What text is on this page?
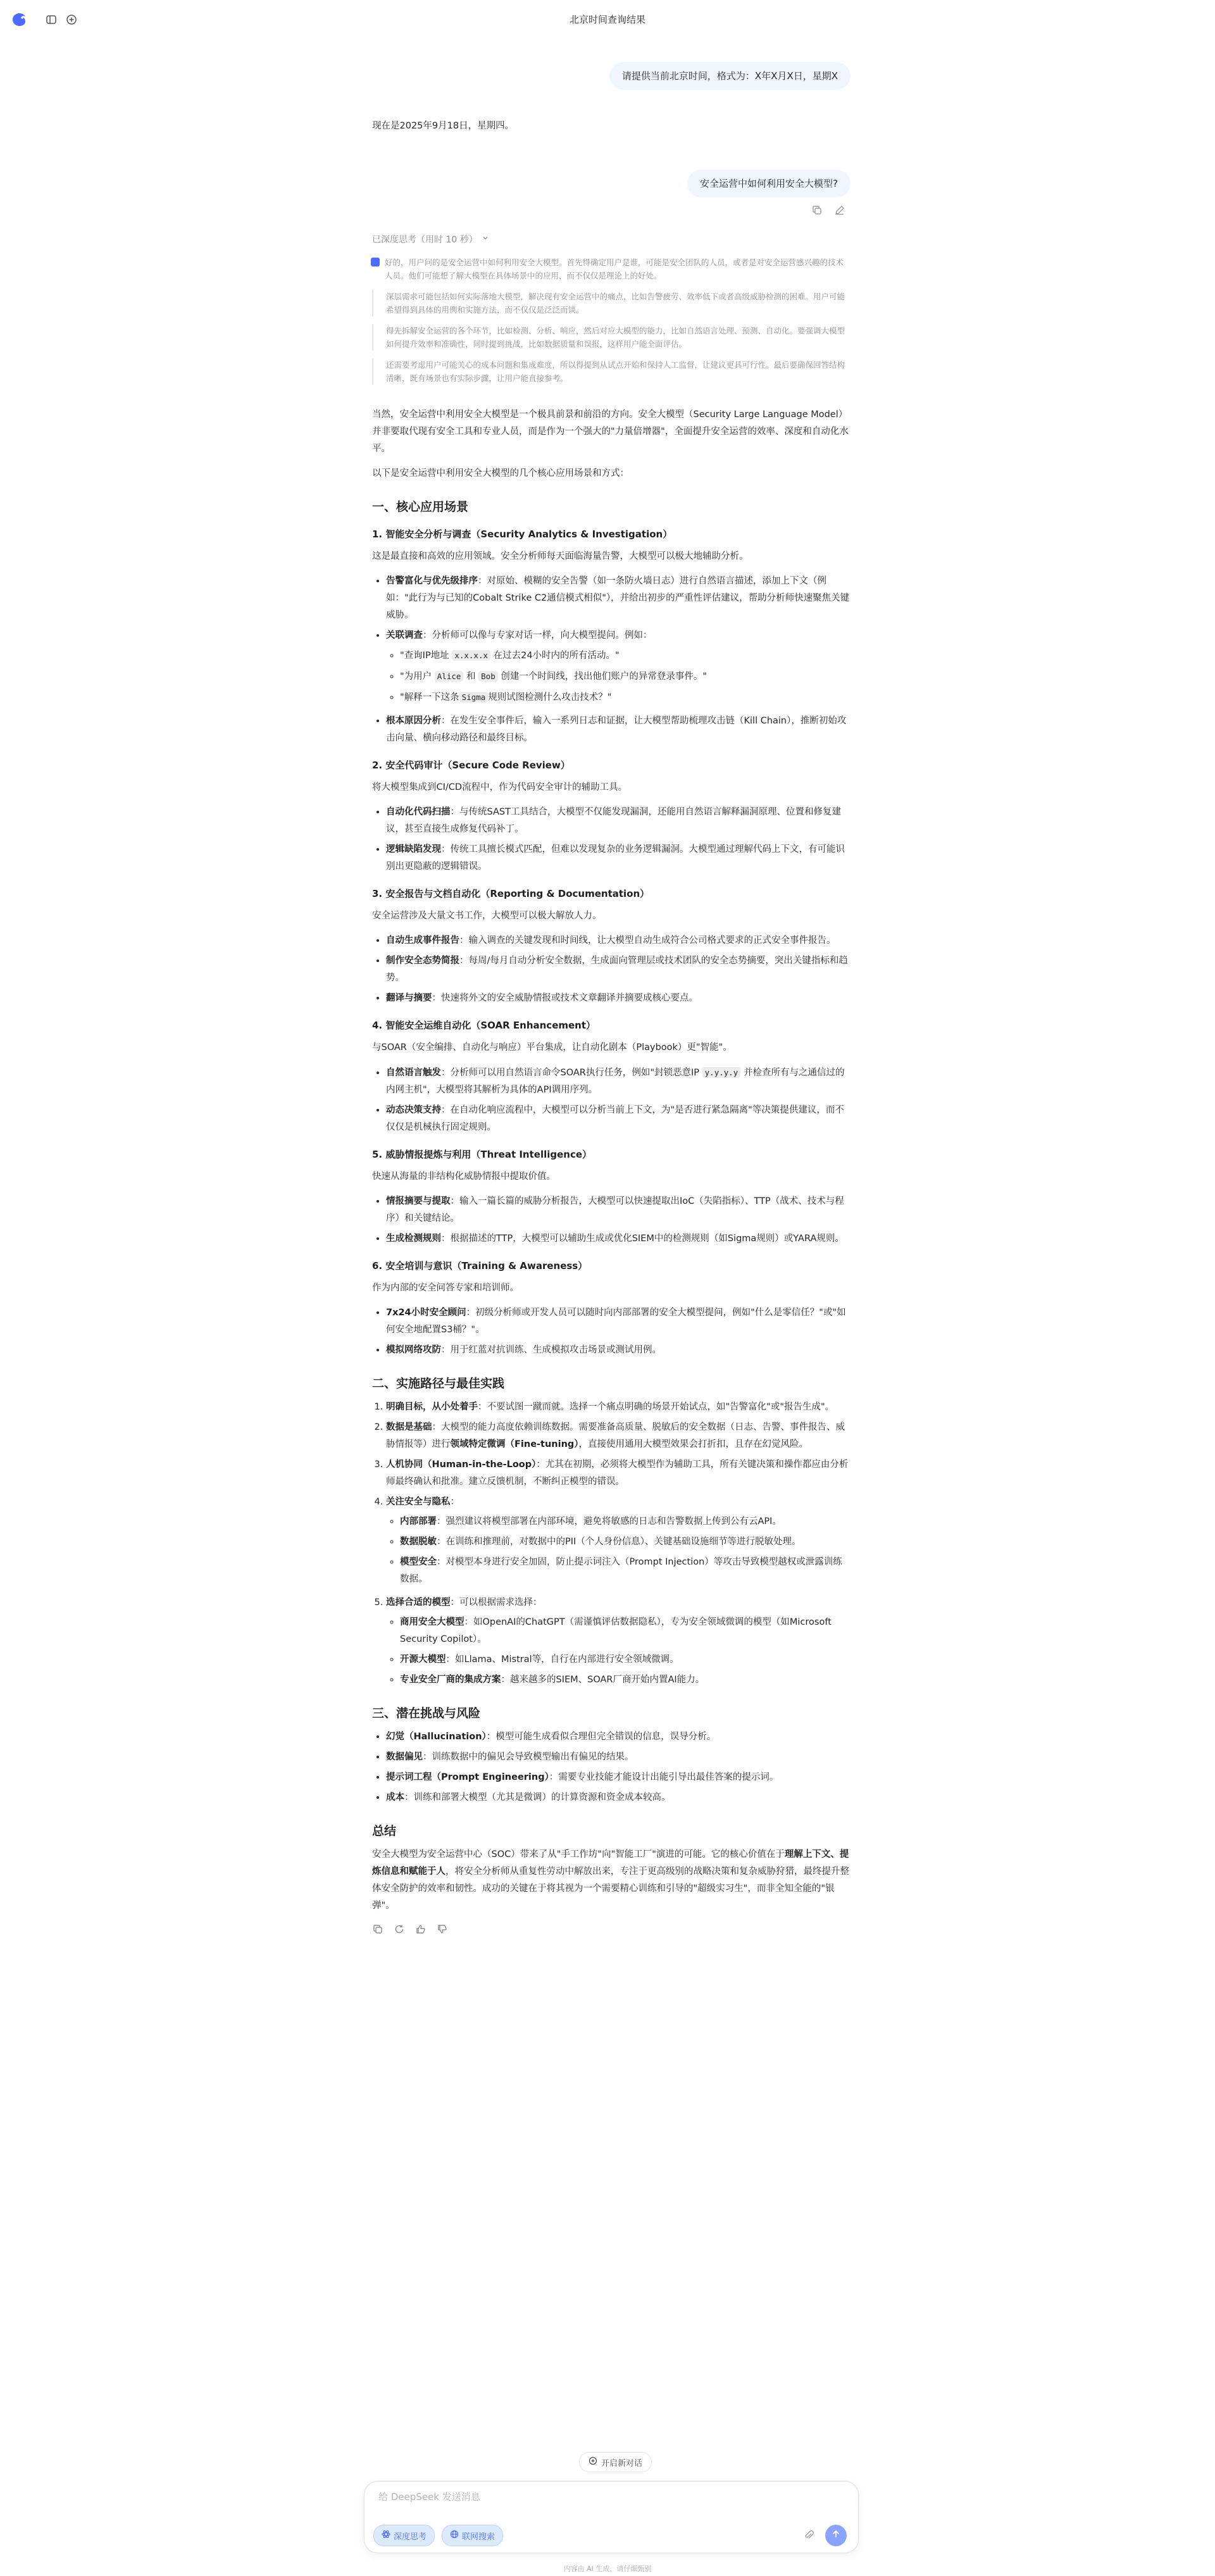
北京时间查询结果
请提供当前北京时间，格式为：X年X月X日，星期X

现在是2025年9月18日，星期四。

安全运营中如何利用安全大模型?
已深度思考（用时 10 秒）

好的，用户问的是安全运营中如何利用安全大模型。首先得确定用户是谁，可能是安全团队的人员，或者是对安全运营感兴趣的技术人员。他们可能想了解大模型在具体场景中的应用，而不仅仅是理论上的好处。

深层需求可能包括如何实际落地大模型，解决现有安全运营中的痛点，比如告警疲劳、效率低下或者高级威胁检测的困难。用户可能希望得到具体的用例和实施方法，而不仅仅是泛泛而谈。

得先拆解安全运营的各个环节，比如检测、分析、响应，然后对应大模型的能力，比如自然语言处理、预测、自动化。要强调大模型如何提升效率和准确性，同时提到挑战，比如数据质量和误报，这样用户能全面评估。

还需要考虑用户可能关心的成本问题和集成难度，所以得提到从试点开始和保持人工监督，让建议更具可行性。最后要确保回答结构清晰，既有场景也有实际步骤，让用户能直接参考。

当然，安全运营中利用安全大模型是一个极具前景和前沿的方向。安全大模型（Security Large Language Model）并非要取代现有安全工具和专业人员，而是作为一个强大的"力量倍增器"，全面提升安全运营的效率、深度和自动化水平。

以下是安全运营中利用安全大模型的几个核心应用场景和方式：

一、核心应用场景
1. 智能安全分析与调查（Security Analytics & Investigation）

这是最直接和高效的应用领域。安全分析师每天面临海量告警，大模型可以极大地辅助分析。

• 告警富化与优先级排序：对原始、模糊的安全告警（如一条防火墙日志）进行自然语言描述，添加上下文（例如："此行为与已知的Cobalt Strike C2通信模式相似"），并给出初步的严重性评估建议，帮助分析师快速聚焦关键威胁。
• 关联调查：分析师可以像与专家对话一样，向大模型提问。例如：
◦ "查询IP地址 x.x.x.x 在过去24小时内的所有活动。"
◦ "为用户 Alice 和 Bob 创建一个时间线，找出他们账户的异常登录事件。"
◦ "解释一下这条 Sigma 规则试图检测什么攻击技术？"
• 根本原因分析：在发生安全事件后，输入一系列日志和证据，让大模型帮助梳理攻击链（Kill Chain），推断初始攻击向量、横向移动路径和最终目标。
2. 安全代码审计（Secure Code Review）

将大模型集成到CI/CD流程中，作为代码安全审计的辅助工具。

• 自动化代码扫描：与传统SAST工具结合，大模型不仅能发现漏洞，还能用自然语言解释漏洞原理、位置和修复建议，甚至直接生成修复代码补丁。
• 逻辑缺陷发现：传统工具擅长模式匹配，但难以发现复杂的业务逻辑漏洞。大模型通过理解代码上下文，有可能识别出更隐蔽的逻辑错误。
3. 安全报告与文档自动化（Reporting & Documentation）

安全运营涉及大量文书工作，大模型可以极大解放人力。

• 自动生成事件报告：输入调查的关键发现和时间线，让大模型自动生成符合公司格式要求的正式安全事件报告。
• 制作安全态势简报：每周/每月自动分析安全数据，生成面向管理层或技术团队的安全态势摘要，突出关键指标和趋势。
• 翻译与摘要：快速将外文的安全威胁情报或技术文章翻译并摘要成核心要点。
4. 智能安全运维自动化（SOAR Enhancement）

与SOAR（安全编排、自动化与响应）平台集成，让自动化剧本（Playbook）更"智能"。

• 自然语言触发：分析师可以用自然语言命令SOAR执行任务，例如"封锁恶意IP y.y.y.y 并检查所有与之通信过的内网主机"，大模型将其解析为具体的API调用序列。
• 动态决策支持：在自动化响应流程中，大模型可以分析当前上下文，为"是否进行紧急隔离"等决策提供建议，而不仅仅是机械执行固定规则。
5. 威胁情报提炼与利用（Threat Intelligence）

快速从海量的非结构化威胁情报中提取价值。

• 情报摘要与提取：输入一篇长篇的威胁分析报告，大模型可以快速提取出IoC（失陷指标）、TTP（战术、技术与程序）和关键结论。
• 生成检测规则：根据描述的TTP，大模型可以辅助生成或优化SIEM中的检测规则（如Sigma规则）或YARA规则。
6. 安全培训与意识（Training & Awareness）

作为内部的安全问答专家和培训师。

• 7x24小时安全顾问：初级分析师或开发人员可以随时向内部部署的安全大模型提问，例如"什么是零信任？"或"如何安全地配置S3桶？"。
• 模拟网络攻防：用于红蓝对抗训练、生成模拟攻击场景或测试用例。
二、实施路径与最佳实践
1. 明确目标，从小处着手：不要试图一蹴而就。选择一个痛点明确的场景开始试点，如"告警富化"或"报告生成"。
2. 数据是基础：大模型的能力高度依赖训练数据。需要准备高质量、脱敏后的安全数据（日志、告警、事件报告、威胁情报等）进行领域特定微调（Fine-tuning），直接使用通用大模型效果会打折扣，且存在幻觉风险。
3. 人机协同（Human-in-the-Loop）：尤其在初期，必须将大模型作为辅助工具，所有关键决策和操作都应由分析师最终确认和批准。建立反馈机制，不断纠正模型的错误。
4. 关注安全与隐私：
◦ 内部部署：强烈建议将模型部署在内部环境，避免将敏感的日志和告警数据上传到公有云API。
◦ 数据脱敏：在训练和推理前，对数据中的PII（个人身份信息）、关键基础设施细节等进行脱敏处理。
◦ 模型安全：对模型本身进行安全加固，防止提示词注入（Prompt Injection）等攻击导致模型越权或泄露训练数据。
5. 选择合适的模型：可以根据需求选择：
◦ 商用安全大模型：如OpenAI的ChatGPT（需谨慎评估数据隐私），专为安全领域微调的模型（如Microsoft Security Copilot）。
◦ 开源大模型：如Llama、Mistral等，自行在内部进行安全领域微调。
◦ 专业安全厂商的集成方案：越来越多的SIEM、SOAR厂商开始内置AI能力。
三、潜在挑战与风险
• 幻觉（Hallucination）：模型可能生成看似合理但完全错误的信息，误导分析。
• 数据偏见：训练数据中的偏见会导致模型输出有偏见的结果。
• 提示词工程（Prompt Engineering）：需要专业技能才能设计出能引导出最佳答案的提示词。
• 成本：训练和部署大模型（尤其是微调）的计算资源和资金成本较高。
总结

安全大模型为安全运营中心（SOC）带来了从"手工作坊"向"智能工厂"演进的可能。它的核心价值在于理解上下文、提炼信息和赋能于人，将安全分析师从重复性劳动中解放出来，专注于更高级别的战略决策和复杂威胁狩猎，最终提升整体安全防护的效率和韧性。成功的关键在于将其视为一个需要精心训练和引导的"超级实习生"，而非全知全能的"银弹"。

开启新对话
给 DeepSeek 发送消息
深度思考	联网搜索
内容由 AI 生成，请仔细甄别
